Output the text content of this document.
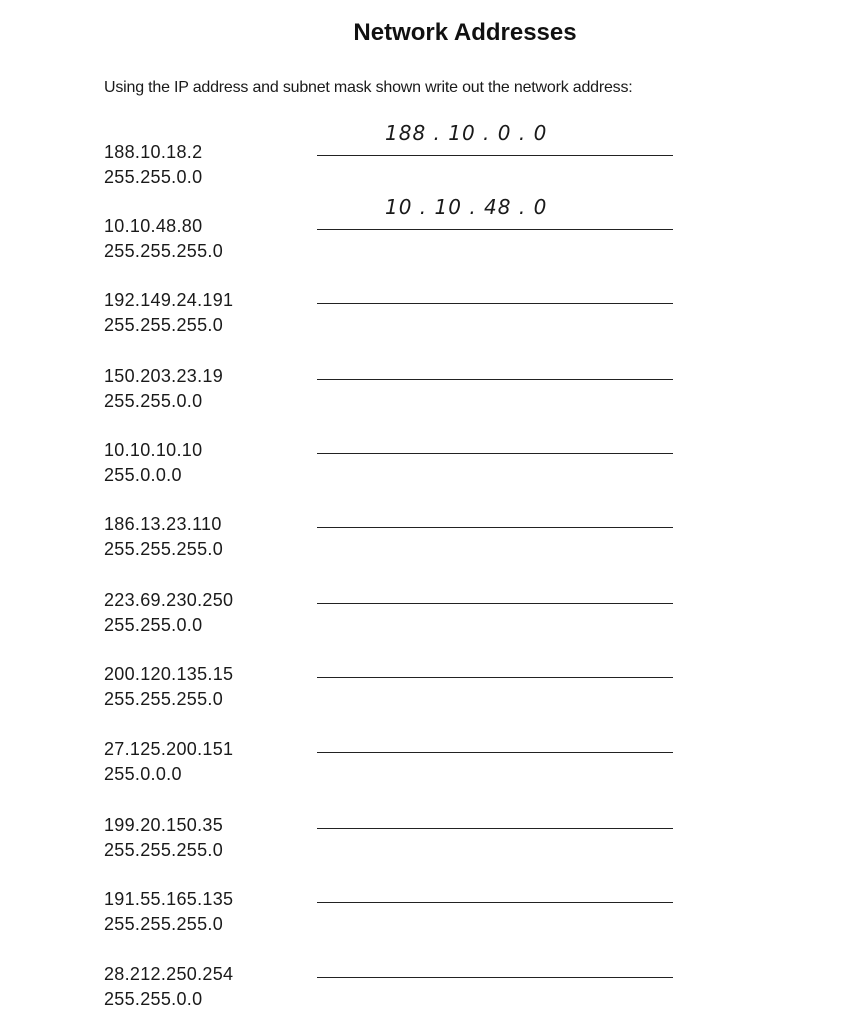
Network Addresses
Using the IP address and subnet mask shown write out the network address:
188.10.18.2
255.255.0.0
188 . 10 . 0 . 0
10.10.48.80
255.255.255.0
10 . 10 . 48 . 0
192.149.24.191
255.255.255.0
150.203.23.19
255.255.0.0
10.10.10.10
255.0.0.0
186.13.23.110
255.255.255.0
223.69.230.250
255.255.0.0
200.120.135.15
255.255.255.0
27.125.200.151
255.0.0.0
199.20.150.35
255.255.255.0
191.55.165.135
255.255.255.0
28.212.250.254
255.255.0.0
